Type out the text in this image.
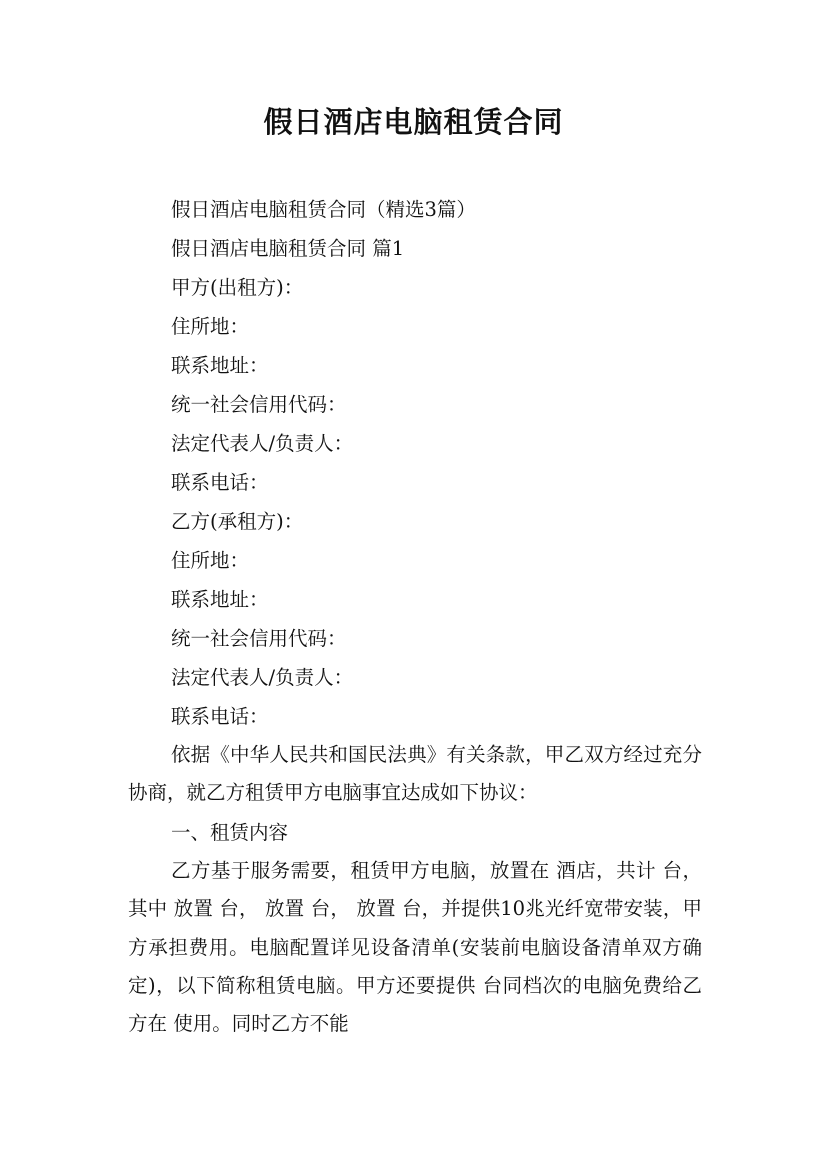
假日酒店电脑租赁合同
假日酒店电脑租赁合同（精选3篇）
假日酒店电脑租赁合同 篇1
甲方(出租方)：
住所地：
联系地址：
统一社会信用代码：
法定代表人/负责人：
联系电话：
乙方(承租方)：
住所地：
联系地址：
统一社会信用代码：
法定代表人/负责人：
联系电话：

依据《中华人民共和国民法典》有关条款，甲乙双方经过充分协商，就乙方租赁甲方电脑事宜达成如下协议：

一、租赁内容

乙方基于服务需要，租赁甲方电脑，放置在 酒店，共计 台，其中 放置 台， 放置 台， 放置 台，并提供10兆光纤宽带安装，甲方承担费用。电脑配置详见设备清单(安装前电脑设备清单双方确定)，以下简称租赁电脑。甲方还要提供 台同档次的电脑免费给乙方在 使用。同时乙方不能
